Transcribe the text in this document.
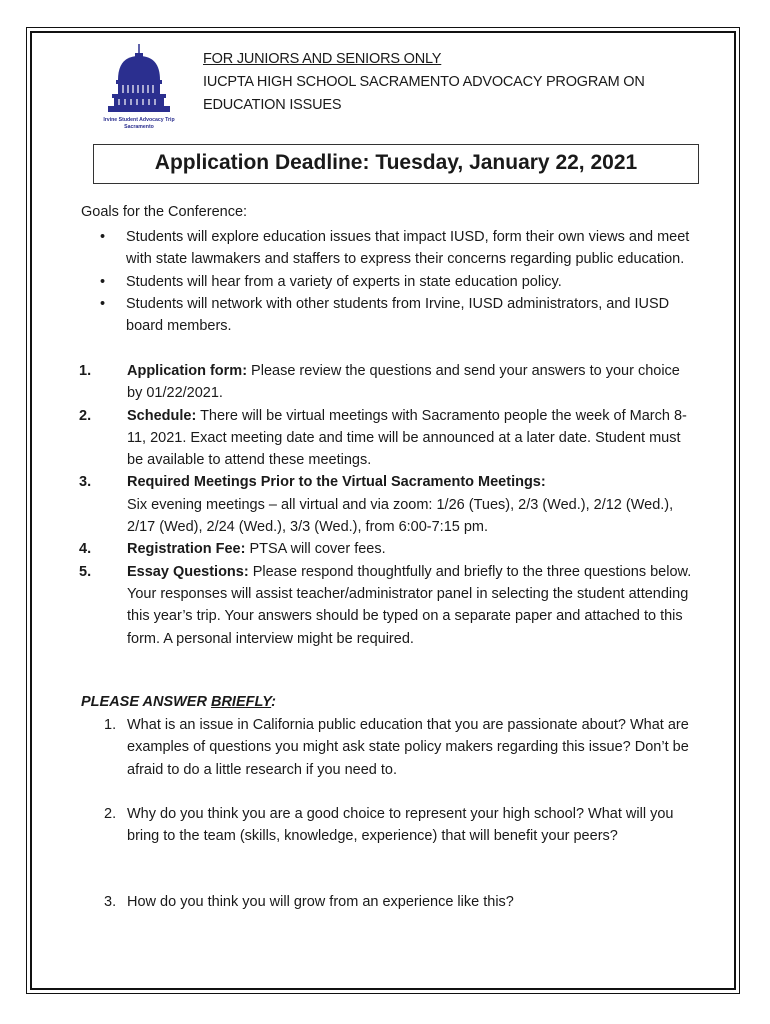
Irvine Student Advocacy Trip
Sacramento
FOR JUNIORS AND SENIORS ONLY
IUCPTA HIGH SCHOOL SACRAMENTO ADVOCACY PROGRAM ON
EDUCATION ISSUES
Application Deadline: Tuesday, January 22, 2021
Goals for the Conference:
• Students will explore education issues that impact IUSD, form their own views and meet with state lawmakers and staffers to express their concerns regarding public education.
• Students will hear from a variety of experts in state education policy.
• Students will network with other students from Irvine, IUSD administrators, and IUSD board members.
1. Application form: Please review the questions and send your answers to your choice by 01/22/2021.
2. Schedule: There will be virtual meetings with Sacramento people the week of March 8-11, 2021. Exact meeting date and time will be announced at a later date. Student must be available to attend these meetings.
3. Required Meetings Prior to the Virtual Sacramento Meetings:
Six evening meetings – all virtual and via zoom: 1/26 (Tues), 2/3 (Wed.), 2/12 (Wed.), 2/17 (Wed), 2/24 (Wed.), 3/3 (Wed.), from 6:00-7:15 pm.
4. Registration Fee: PTSA will cover fees.
5. Essay Questions: Please respond thoughtfully and briefly to the three questions below. Your responses will assist teacher/administrator panel in selecting the student attending this year’s trip. Your answers should be typed on a separate paper and attached to this form. A personal interview might be required.
PLEASE ANSWER BRIEFLY:
1. What is an issue in California public education that you are passionate about? What are examples of questions you might ask state policy makers regarding this issue? Don’t be afraid to do a little research if you need to.
2. Why do you think you are a good choice to represent your high school? What will you bring to the team (skills, knowledge, experience) that will benefit your peers?
3. How do you think you will grow from an experience like this?
